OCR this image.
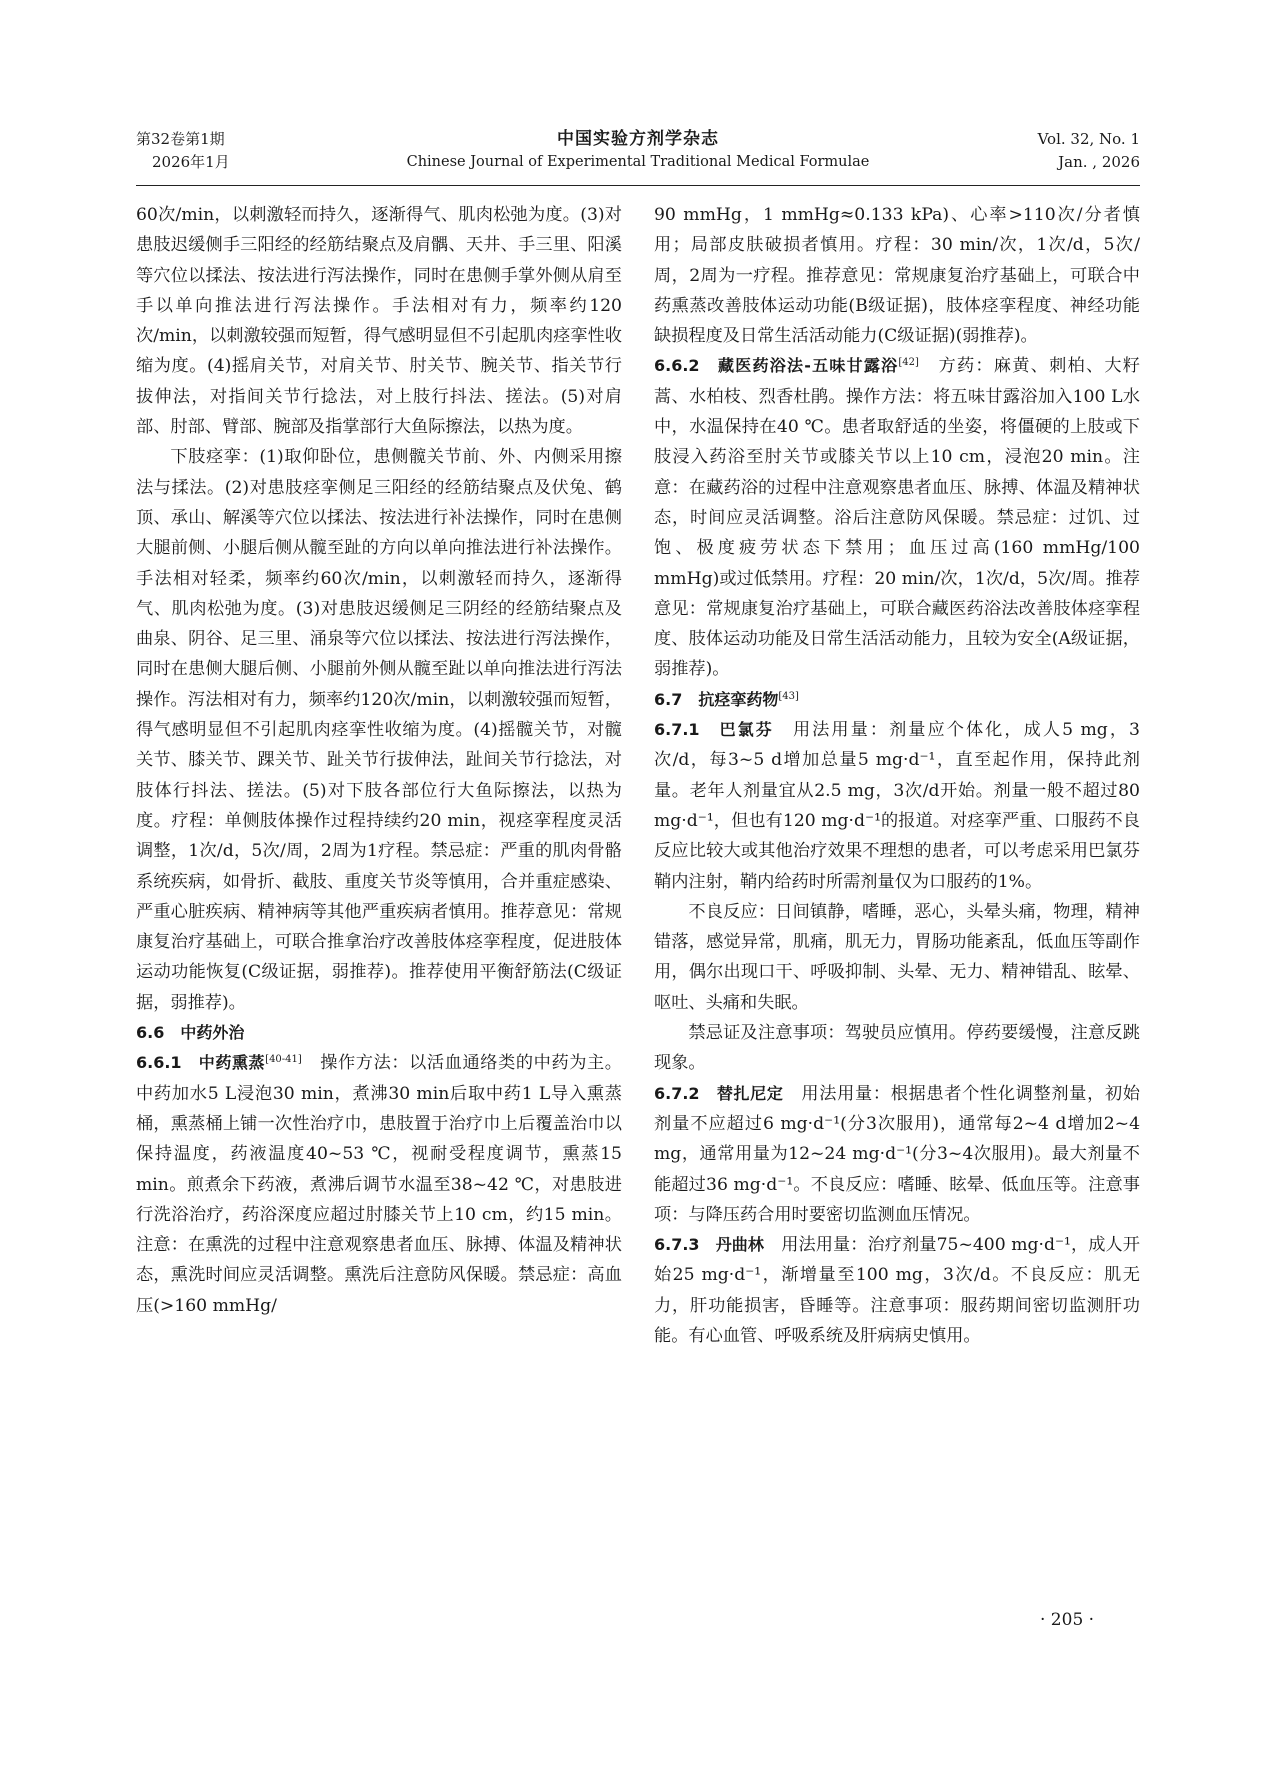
第32卷第1期
2026年1月
中国实验方剂学杂志
Chinese Journal of Experimental Traditional Medical Formulae
Vol. 32, No. 1
Jan. , 2026

60次/min，以刺激轻而持久，逐渐得气、肌肉松弛为度。(3)对患肢迟缓侧手三阳经的经筋结聚点及肩髃、天井、手三里、阳溪等穴位以揉法、按法进行泻法操作，同时在患侧手掌外侧从肩至手以单向推法进行泻法操作。手法相对有力，频率约120次/min，以刺激较强而短暂，得气感明显但不引起肌肉痉挛性收缩为度。(4)摇肩关节，对肩关节、肘关节、腕关节、指关节行拔伸法，对指间关节行捻法，对上肢行抖法、搓法。(5)对肩部、肘部、臂部、腕部及指掌部行大鱼际擦法，以热为度。

下肢痉挛：(1)取仰卧位，患侧髋关节前、外、内侧采用擦法与揉法。(2)对患肢痉挛侧足三阳经的经筋结聚点及伏兔、鹤顶、承山、解溪等穴位以揉法、按法进行补法操作，同时在患侧大腿前侧、小腿后侧从髋至趾的方向以单向推法进行补法操作。手法相对轻柔，频率约60次/min，以刺激轻而持久，逐渐得气、肌肉松弛为度。(3)对患肢迟缓侧足三阴经的经筋结聚点及曲泉、阴谷、足三里、涌泉等穴位以揉法、按法进行泻法操作，同时在患侧大腿后侧、小腿前外侧从髋至趾以单向推法进行泻法操作。泻法相对有力，频率约120次/min，以刺激较强而短暂，得气感明显但不引起肌肉痉挛性收缩为度。(4)摇髋关节，对髋关节、膝关节、踝关节、趾关节行拔伸法，趾间关节行捻法，对肢体行抖法、搓法。(5)对下肢各部位行大鱼际擦法，以热为度。疗程：单侧肢体操作过程持续约20 min，视痉挛程度灵活调整，1次/d，5次/周，2周为1疗程。禁忌症：严重的肌肉骨骼系统疾病，如骨折、截肢、重度关节炎等慎用，合并重症感染、严重心脏疾病、精神病等其他严重疾病者慎用。推荐意见：常规康复治疗基础上，可联合推拿治疗改善肢体痉挛程度，促进肢体运动功能恢复(C级证据，弱推荐)。推荐使用平衡舒筋法(C级证据，弱推荐)。

6.6　中药外治

6.6.1　中药熏蒸[40-41]　操作方法：以活血通络类的中药为主。中药加水5 L浸泡30 min，煮沸30 min后取中药1 L导入熏蒸桶，熏蒸桶上铺一次性治疗巾，患肢置于治疗巾上后覆盖治巾以保持温度，药液温度40~53 ℃，视耐受程度调节，熏蒸15 min。煎煮余下药液，煮沸后调节水温至38~42 ℃，对患肢进行洗浴治疗，药浴深度应超过肘膝关节上10 cm，约15 min。注意：在熏洗的过程中注意观察患者血压、脉搏、体温及精神状态，熏洗时间应灵活调整。熏洗后注意防风保暖。禁忌症：高血压(>160 mmHg/

90 mmHg，1 mmHg≈0.133 kPa)、心率>110次/分者慎用；局部皮肤破损者慎用。疗程：30 min/次，1次/d，5次/周，2周为一疗程。推荐意见：常规康复治疗基础上，可联合中药熏蒸改善肢体运动功能(B级证据)，肢体痉挛程度、神经功能缺损程度及日常生活活动能力(C级证据)(弱推荐)。

6.6.2　藏医药浴法-五味甘露浴[42]　方药：麻黄、刺柏、大籽蒿、水柏枝、烈香杜鹃。操作方法：将五味甘露浴加入100 L水中，水温保持在40 ℃。患者取舒适的坐姿，将僵硬的上肢或下肢浸入药浴至肘关节或膝关节以上10 cm，浸泡20 min。注意：在藏药浴的过程中注意观察患者血压、脉搏、体温及精神状态，时间应灵活调整。浴后注意防风保暖。禁忌症：过饥、过饱、极度疲劳状态下禁用；血压过高(160 mmHg/100 mmHg)或过低禁用。疗程：20 min/次，1次/d，5次/周。推荐意见：常规康复治疗基础上，可联合藏医药浴法改善肢体痉挛程度、肢体运动功能及日常生活活动能力，且较为安全(A级证据，弱推荐)。

6.7　抗痉挛药物[43]

6.7.1　巴氯芬　用法用量：剂量应个体化，成人5 mg，3次/d，每3~5 d增加总量5 mg·d⁻¹，直至起作用，保持此剂量。老年人剂量宜从2.5 mg，3次/d开始。剂量一般不超过80 mg·d⁻¹，但也有120 mg·d⁻¹的报道。对痉挛严重、口服药不良反应比较大或其他治疗效果不理想的患者，可以考虑采用巴氯芬鞘内注射，鞘内给药时所需剂量仅为口服药的1%。

不良反应：日间镇静，嗜睡，恶心，头晕头痛，物理，精神错落，感觉异常，肌痛，肌无力，胃肠功能紊乱，低血压等副作用，偶尔出现口干、呼吸抑制、头晕、无力、精神错乱、眩晕、呕吐、头痛和失眠。

禁忌证及注意事项：驾驶员应慎用。停药要缓慢，注意反跳现象。

6.7.2　替扎尼定　用法用量：根据患者个性化调整剂量，初始剂量不应超过6 mg·d⁻¹(分3次服用)，通常每2~4 d增加2~4 mg，通常用量为12~24 mg·d⁻¹(分3~4次服用)。最大剂量不能超过36 mg·d⁻¹。不良反应：嗜睡、眩晕、低血压等。注意事项：与降压药合用时要密切监测血压情况。

6.7.3　丹曲林　用法用量：治疗剂量75~400 mg·d⁻¹，成人开始25 mg·d⁻¹，渐增量至100 mg，3次/d。不良反应：肌无力，肝功能损害，昏睡等。注意事项：服药期间密切监测肝功能。有心血管、呼吸系统及肝病病史慎用。

· 205 ·
